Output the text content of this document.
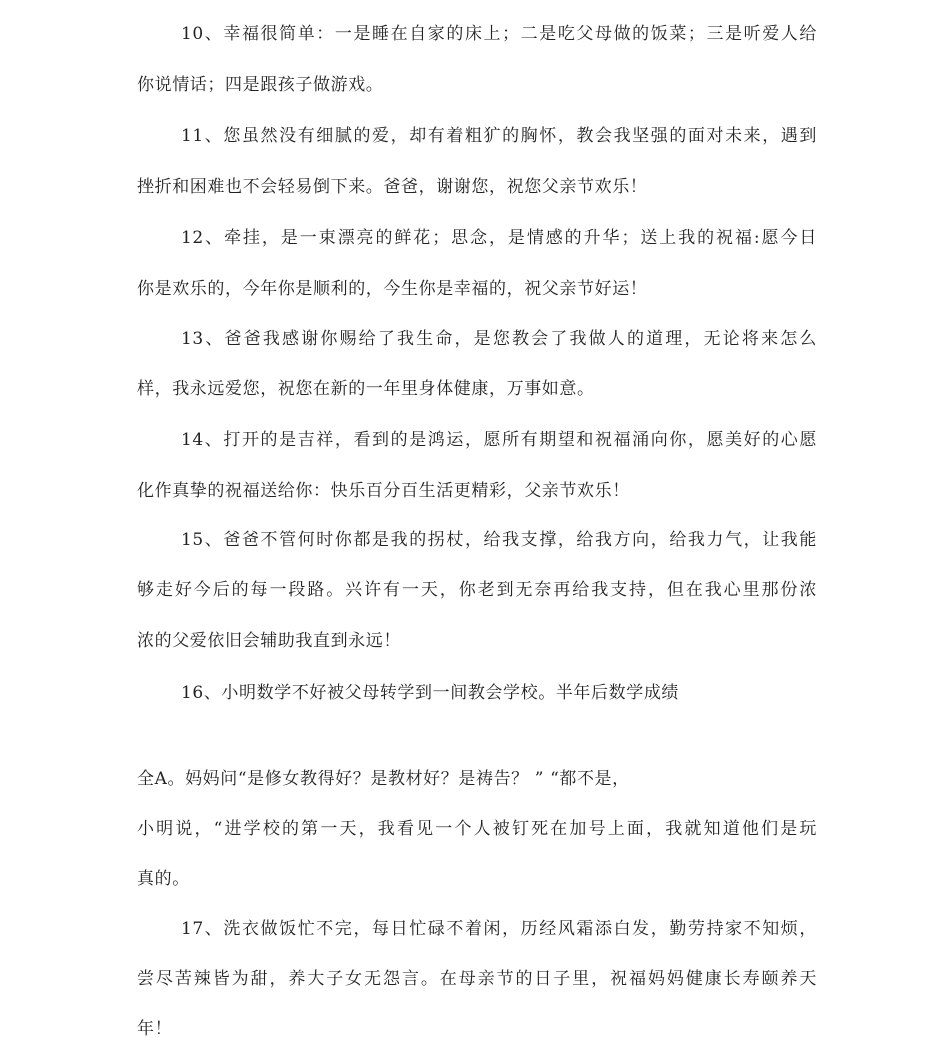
10、幸福很简单：一是睡在自家的床上；二是吃父母做的饭菜；三是听爱人给
你说情话；四是跟孩子做游戏。
11、您虽然没有细腻的爱，却有着粗犷的胸怀，教会我坚强的面对未来，遇到
挫折和困难也不会轻易倒下来。爸爸，谢谢您，祝您父亲节欢乐！
12、牵挂，是一束漂亮的鲜花；思念，是情感的升华；送上我的祝福:愿今日
你是欢乐的，今年你是顺利的，今生你是幸福的，祝父亲节好运！
13、爸爸我感谢你赐给了我生命，是您教会了我做人的道理，无论将来怎么
样，我永远爱您，祝您在新的一年里身体健康，万事如意。
14、打开的是吉祥，看到的是鸿运，愿所有期望和祝福涌向你，愿美好的心愿
化作真挚的祝福送给你：快乐百分百生活更精彩，父亲节欢乐！
15、爸爸不管何时你都是我的拐杖，给我支撑，给我方向，给我力气，让我能
够走好今后的每一段路。兴许有一天，你老到无奈再给我支持，但在我心里那份浓
浓的父爱依旧会辅助我直到永远！
16、小明数学不好被父母转学到一间教会学校。半年后数学成绩
全A。妈妈问“是修女教得好？是教材好？是祷告？ ” “都不是，
小明说，“进学校的第一天，我看见一个人被钉死在加号上面，我就知道他们是玩
真的。
17、洗衣做饭忙不完，每日忙碌不着闲，历经风霜添白发，勤劳持家不知烦，
尝尽苦辣皆为甜，养大子女无怨言。在母亲节的日子里，祝福妈妈健康长寿颐养天
年！
